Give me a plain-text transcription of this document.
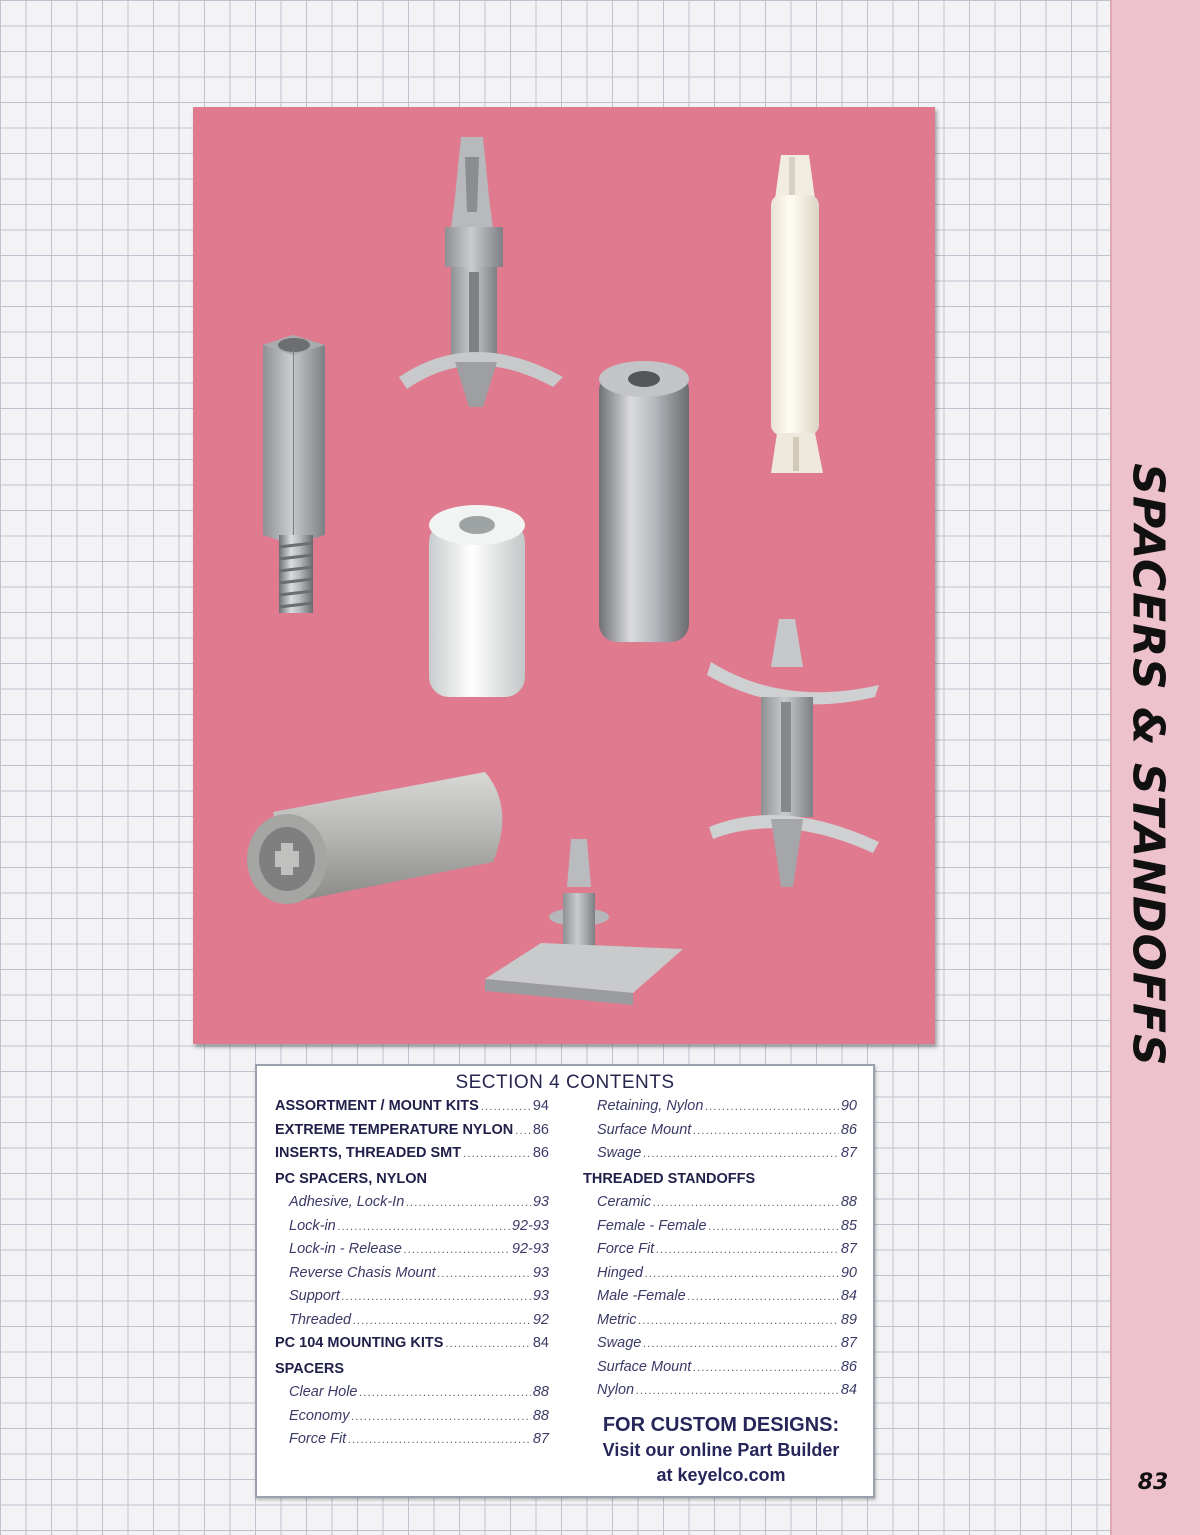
SPACERS & STANDOFFS
83
SECTION 4 CONTENTS
ASSORTMENT / MOUNT KITS .....	94
EXTREME TEMPERATURE NYLON ..... 86
INSERTS, THREADED SMT .....	86
PC SPACERS, NYLON
Adhesive, Lock-In .....	93
Lock-in .....	92-93
Lock-in - Release .....	92-93
Reverse Chasis Mount .....	93
Support .....	93
Threaded .....	92
PC 104 MOUNTING KITS .....	84
SPACERS
Clear Hole .....	88
Economy .....	88
Force Fit .....	87
Retaining, Nylon .....	90
Surface Mount .....	86
Swage .....	87
THREADED STANDOFFS
Ceramic .....	88
Female - Female .....	85
Force Fit .....	87
Hinged .....	90
Male -Female .....	84
Metric .....	89
Swage .....	87
Surface Mount .....	86
Nylon .....	84
FOR CUSTOM DESIGNS:
Visit our online Part Builder
at keyelco.com
